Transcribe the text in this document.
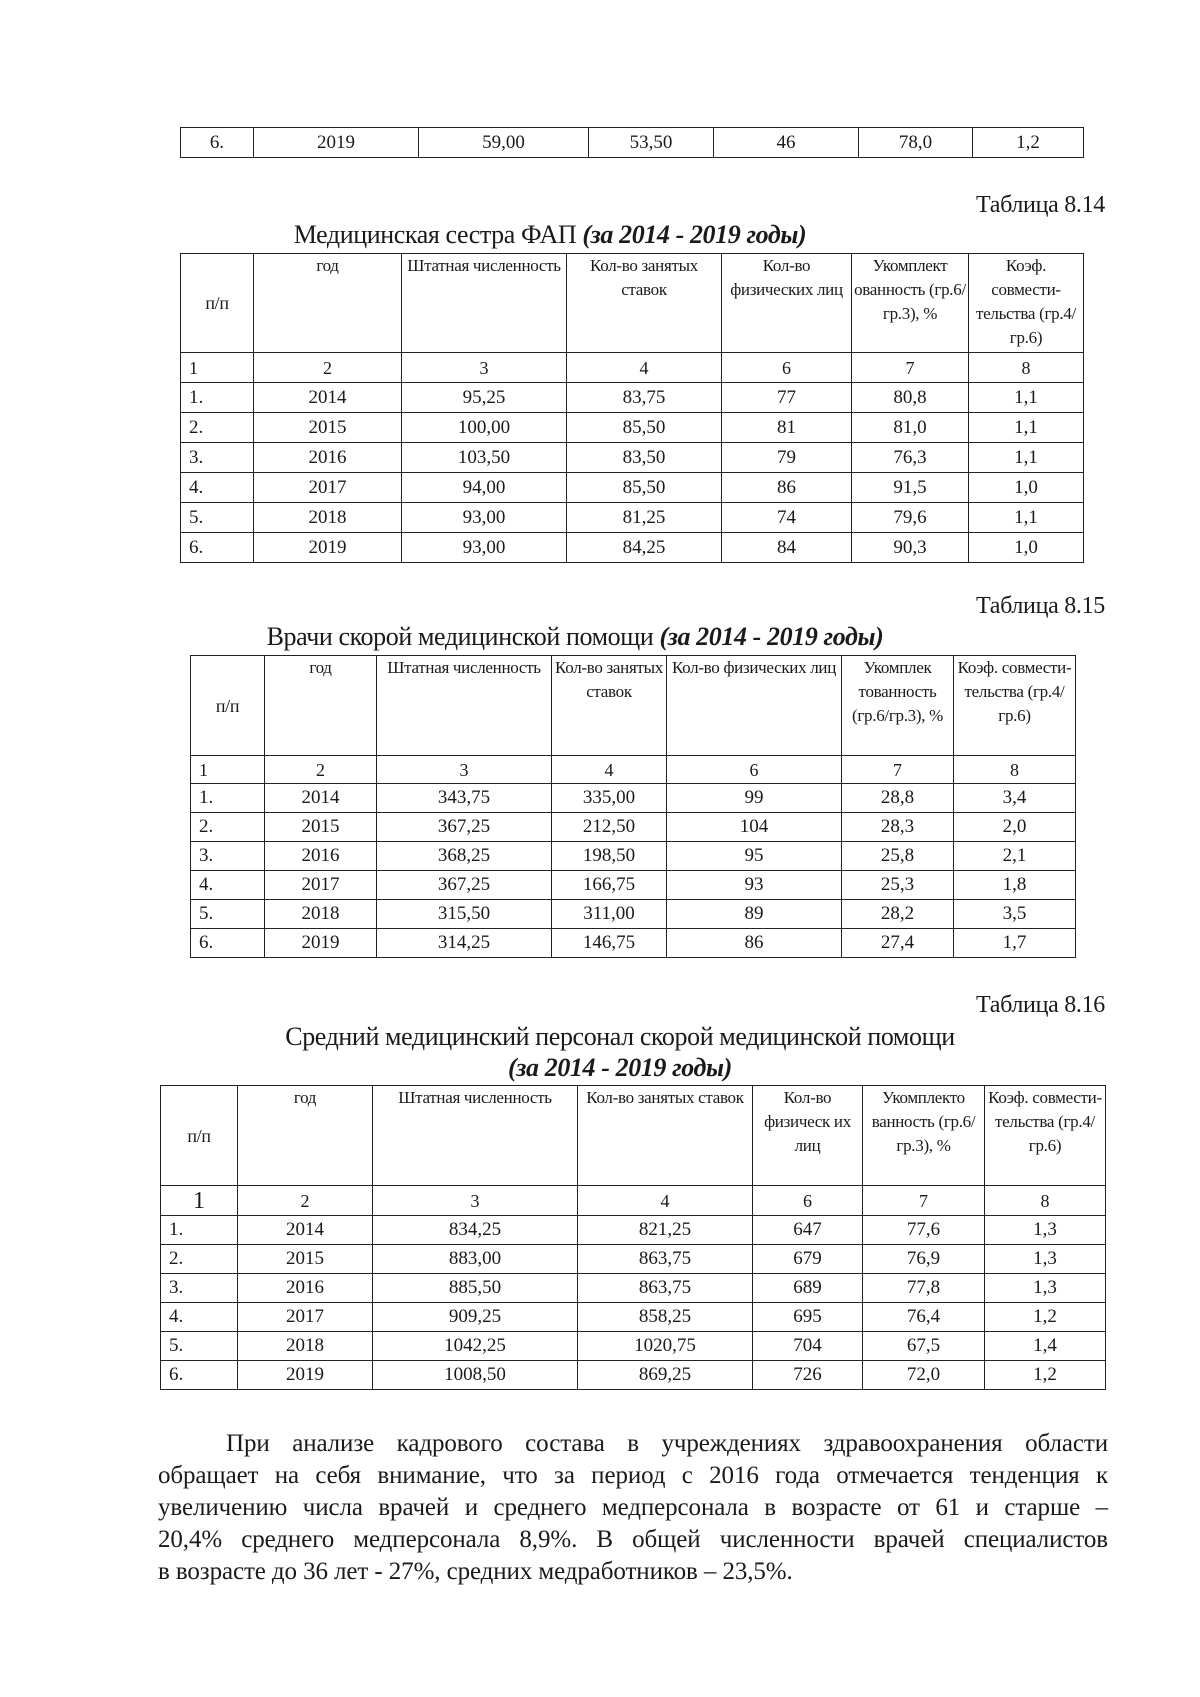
6.	2019	59,00	53,50	46	78,0	1,2
Таблица 8.14
Медицинская сестра ФАП (за 2014 - 2019 годы)
п/п	год	Штатная численность	Кол-во занятых ставок	Кол-во физических лиц	Укомплект ованность (гр.6/гр.3), %	Коэф. совмести-тельства (гр.4/гр.6)
1	2	3	4	6	7	8
1.	2014	95,25	83,75	77	80,8	1,1
2.	2015	100,00	85,50	81	81,0	1,1
3.	2016	103,50	83,50	79	76,3	1,1
4.	2017	94,00	85,50	86	91,5	1,0
5.	2018	93,00	81,25	74	79,6	1,1
6.	2019	93,00	84,25	84	90,3	1,0
Таблица 8.15
Врачи скорой медицинской помощи (за 2014 - 2019 годы)
п/п	год	Штатная численность	Кол-во занятых ставок	Кол-во физических лиц	Укомплек тованность (гр.6/гр.3), %	Коэф. совмести-тельства (гр.4/гр.6)
1	2	3	4	6	7	8
1.	2014	343,75	335,00	99	28,8	3,4
2.	2015	367,25	212,50	104	28,3	2,0
3.	2016	368,25	198,50	95	25,8	2,1
4.	2017	367,25	166,75	93	25,3	1,8
5.	2018	315,50	311,00	89	28,2	3,5
6.	2019	314,25	146,75	86	27,4	1,7
Таблица 8.16
Средний медицинский персонал скорой медицинской помощи
(за 2014 - 2019 годы)
п/п	год	Штатная численность	Кол-во занятых ставок	Кол-во физическ их лиц	Укомплекто ванность (гр.6/гр.3), %	Коэф. совмести-тельства (гр.4/гр.6)
1	2	3	4	6	7	8
1.	2014	834,25	821,25	647	77,6	1,3
2.	2015	883,00	863,75	679	76,9	1,3
3.	2016	885,50	863,75	689	77,8	1,3
4.	2017	909,25	858,25	695	76,4	1,2
5.	2018	1042,25	1020,75	704	67,5	1,4
6.	2019	1008,50	869,25	726	72,0	1,2
При анализе кадрового состава в учреждениях здравоохранения области
обращает на себя внимание, что за период с 2016 года отмечается тенденция к
увеличению числа врачей и среднего медперсонала в возрасте от 61 и старше –
20,4% среднего медперсонала 8,9%. В общей численности врачей специалистов
в возрасте до 36 лет - 27%, средних медработников – 23,5%.
